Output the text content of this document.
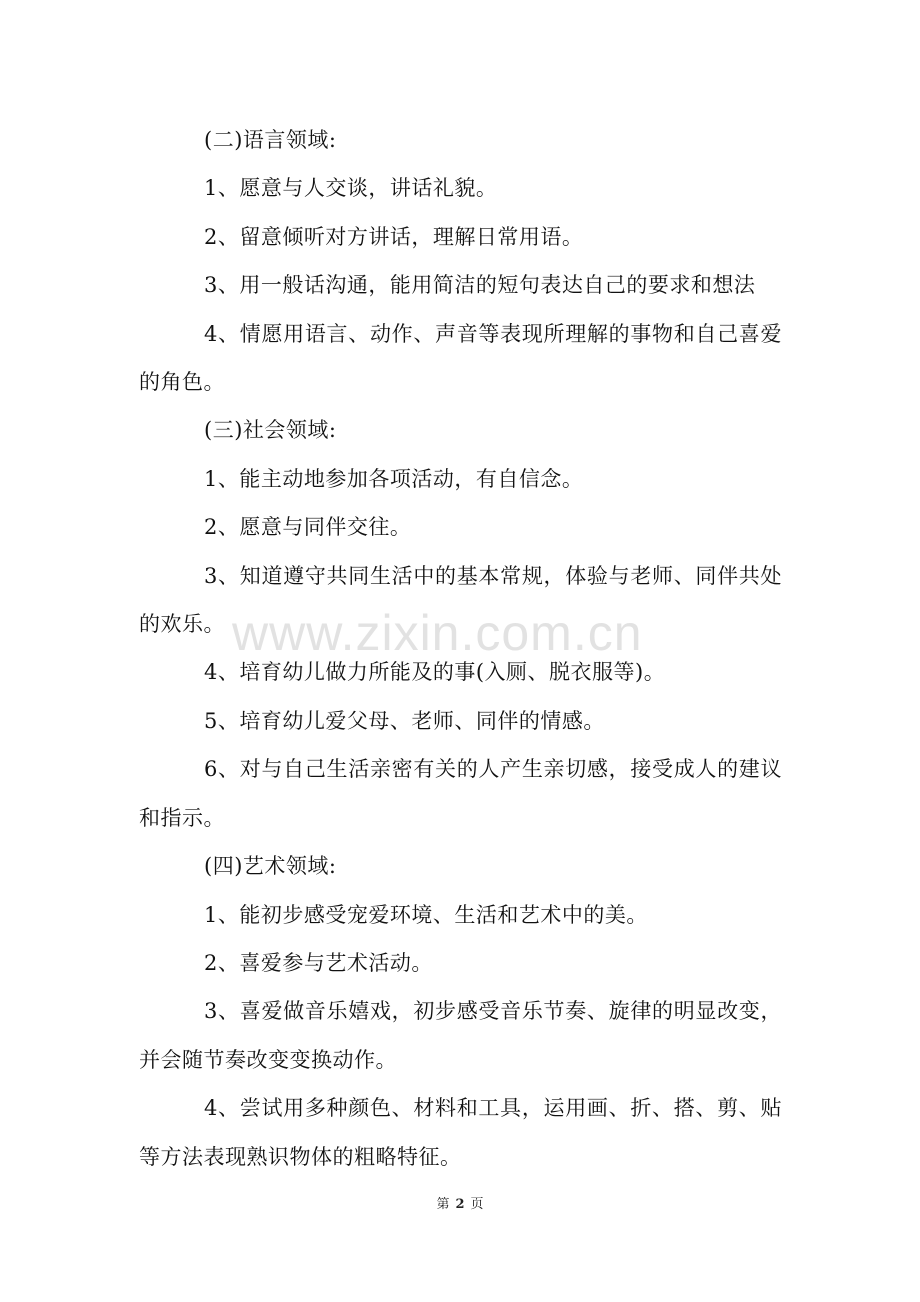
(二)语言领域:

1、愿意与人交谈，讲话礼貌。

2、留意倾听对方讲话，理解日常用语。

3、用一般话沟通，能用简洁的短句表达自己的要求和想法

4、情愿用语言、动作、声音等表现所理解的事物和自己喜爱的角色。

(三)社会领域:

1、能主动地参加各项活动，有自信念。

2、愿意与同伴交往。

3、知道遵守共同生活中的基本常规，体验与老师、同伴共处的欢乐。

4、培育幼儿做力所能及的事(入厕、脱衣服等)。

5、培育幼儿爱父母、老师、同伴的情感。

6、对与自己生活亲密有关的人产生亲切感，接受成人的建议和指示。

(四)艺术领域:

1、能初步感受宠爱环境、生活和艺术中的美。

2、喜爱参与艺术活动。

3、喜爱做音乐嬉戏，初步感受音乐节奏、旋律的明显改变，并会随节奏改变变换动作。

4、尝试用多种颜色、材料和工具，运用画、折、搭、剪、贴等方法表现熟识物体的粗略特征。

www.zixin.com.cn
第 2 页
